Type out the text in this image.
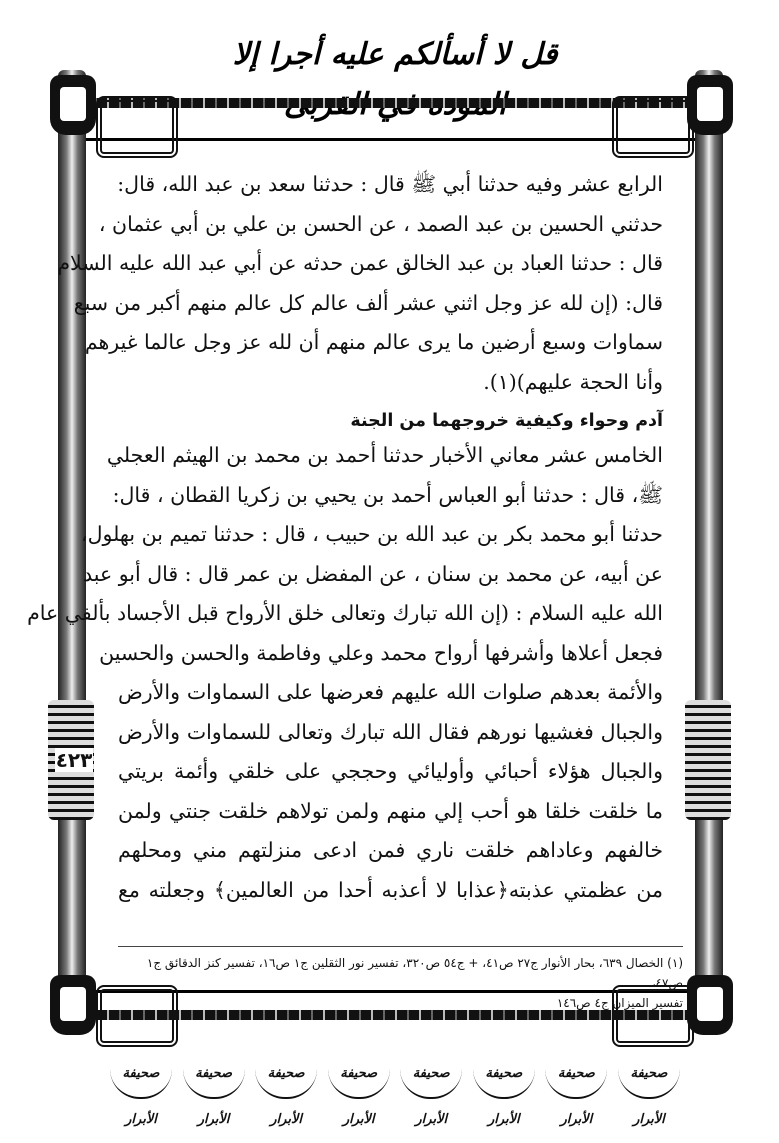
قل لا أسألكم عليه أجرا إلا
٤٢٣

الرابع عشر وفيه حدثنا أبي ﷺ قال : حدثنا سعد بن عبد الله، قال:
حدثني الحسين بن عبد الصمد ، عن الحسن بن علي بن أبي عثمان ،
قال : حدثنا العباد بن عبد الخالق عمن حدثه عن أبي عبد الله عليه السلام
قال: (إن لله عز وجل اثني عشر ألف عالم كل عالم منهم أكبر من سبع
سماوات وسبع أرضين ما يرى عالم منهم أن لله عز وجل عالما غيرهم
وأنا الحجة عليهم)(١).

آدم وحواء وكيفية خروجهما من الجنة

الخامس عشر معاني الأخبار حدثنا أحمد بن محمد بن الهيثم العجلي
ﷺ، قال : حدثنا أبو العباس أحمد بن يحيي بن زكريا القطان ، قال:
حدثنا أبو محمد بكر بن عبد الله بن حبيب ، قال : حدثنا تميم بن بهلول،
عن أبيه، عن محمد بن سنان ، عن المفضل بن عمر قال : قال أبو عبد
الله عليه السلام : (إن الله تبارك وتعالى خلق الأرواح قبل الأجساد بألفي عام
فجعل أعلاها وأشرفها أرواح محمد وعلي وفاطمة والحسن والحسين
والأئمة بعدهم صلوات الله عليهم فعرضها على السماوات والأرض
والجبال فغشيها نورهم فقال الله تبارك وتعالى للسماوات والأرض
والجبال هؤلاء أحبائي وأوليائي وحججي على خلقي وأئمة بريتي
ما خلقت خلقا هو أحب إلي منهم ولمن تولاهم خلقت جنتي ولمن
خالفهم وعاداهم خلقت ناري فمن ادعى منزلتهم مني ومحلهم
من عظمتي عذبته﴿عذابا لا أعذبه أحدا من العالمين﴾ وجعلته مع

(١) الخصال ٦٣٩، بحار الأنوار ج٢٧ ص٤١، + ج٥٤ ص٣٢٠، تفسير نور الثقلين ج١ ص١٦، تفسير كنز الدقائق ج١ ص٤٧،
تفسير الميزان ج٤ ص١٤٦
صحيفة الأبرار
صحيفة الأبرار
صحيفة الأبرار
صحيفة الأبرار
صحيفة الأبرار
صحيفة الأبرار
صحيفة الأبرار
صحيفة الأبرار
